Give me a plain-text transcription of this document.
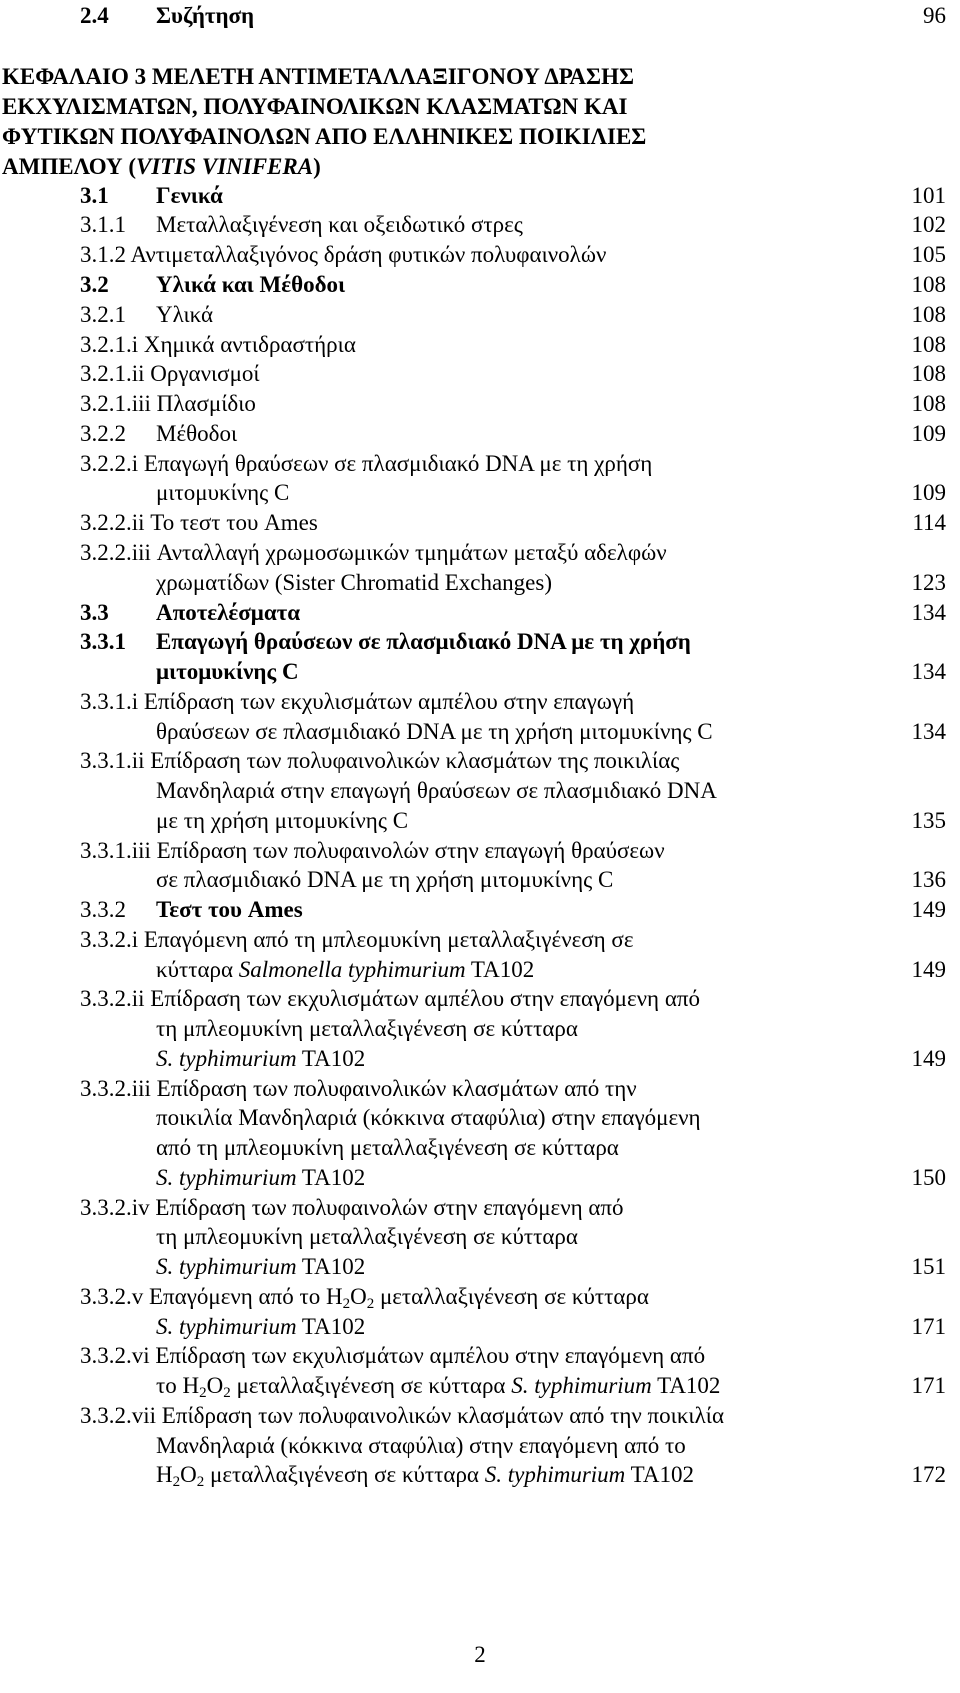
2.4 Συζήτηση	96
ΚΕΦΑΛΑΙΟ 3 ΜΕΛΕΤΗ ΑΝΤΙΜΕΤΑΛΛΑΞΙΓΟΝΟΥ ΔΡΑΣΗΣ
ΕΚΧΥΛΙΣΜΑΤΩΝ, ΠΟΛΥΦΑΙΝΟΛΙΚΩΝ ΚΛΑΣΜΑΤΩΝ ΚΑΙ
ΦΥΤΙΚΩΝ ΠΟΛΥΦΑΙΝΟΛΩΝ ΑΠΟ ΕΛΛΗΝΙΚΕΣ ΠΟΙΚΙΛΙΕΣ
ΑΜΠΕΛΟΥ (VITIS VINIFERA)
3.1 Γενικά	101
3.1.1 Μεταλλαξιγένεση και οξειδωτικό στρες	102
3.1.2 Αντιμεταλλαξιγόνος δράση φυτικών πολυφαινολών	105
3.2 Υλικά και Μέθοδοι	108
3.2.1 Υλικά	108
3.2.1.i Χημικά αντιδραστήρια	108
3.2.1.ii Οργανισμοί	108
3.2.1.iii Πλασμίδιο	108
3.2.2 Μέθοδοι	109
3.2.2.i Επαγωγή θραύσεων σε πλασμιδιακό DNA με τη χρήση
μιτομυκίνης C	109
3.2.2.ii Το τεστ του Ames	114
3.2.2.iii Ανταλλαγή χρωμοσωμικών τμημάτων μεταξύ αδελφών
χρωματίδων (Sister Chromatid Exchanges)	123
3.3 Αποτελέσματα	134
3.3.1 Επαγωγή θραύσεων σε πλασμιδιακό DNA με τη χρήση
μιτομυκίνης C	134
3.3.1.i Επίδραση των εκχυλισμάτων αμπέλου στην επαγωγή
θραύσεων σε πλασμιδιακό DNA με τη χρήση μιτομυκίνης C	134
3.3.1.ii Επίδραση των πολυφαινολικών κλασμάτων της ποικιλίας
Μανδηλαριά στην επαγωγή θραύσεων σε πλασμιδιακό DNA
με τη χρήση μιτομυκίνης C	135
3.3.1.iii Επίδραση των πολυφαινολών στην επαγωγή θραύσεων
σε πλασμιδιακό DNA με τη χρήση μιτομυκίνης C	136
3.3.2 Τεστ του Ames	149
3.3.2.i Επαγόμενη από τη μπλεομυκίνη μεταλλαξιγένεση σε
κύτταρα Salmonella typhimurium TA102	149
3.3.2.ii Επίδραση των εκχυλισμάτων αμπέλου στην επαγόμενη από
τη μπλεομυκίνη μεταλλαξιγένεση σε κύτταρα
S. typhimurium TA102	149
3.3.2.iii Επίδραση των πολυφαινολικών κλασμάτων από την
ποικιλία Μανδηλαριά (κόκκινα σταφύλια) στην επαγόμενη
από τη μπλεομυκίνη μεταλλαξιγένεση σε κύτταρα
S. typhimurium TA102	150
3.3.2.iv Επίδραση των πολυφαινολών στην επαγόμενη από
τη μπλεομυκίνη μεταλλαξιγένεση σε κύτταρα
S. typhimurium TA102	151
3.3.2.v Επαγόμενη από το $H_2O_2$ μεταλλαξιγένεση σε κύτταρα
S. typhimurium TA102	171
3.3.2.vi Επίδραση των εκχυλισμάτων αμπέλου στην επαγόμενη από
το $H_2O_2$ μεταλλαξιγένεση σε κύτταρα S. typhimurium TA102	171
3.3.2.vii Επίδραση των πολυφαινολικών κλασμάτων από την ποικιλία
Μανδηλαριά (κόκκινα σταφύλια) στην επαγόμενη από το
$H_2O_2$ μεταλλαξιγένεση σε κύτταρα S. typhimurium TA102	172
2
